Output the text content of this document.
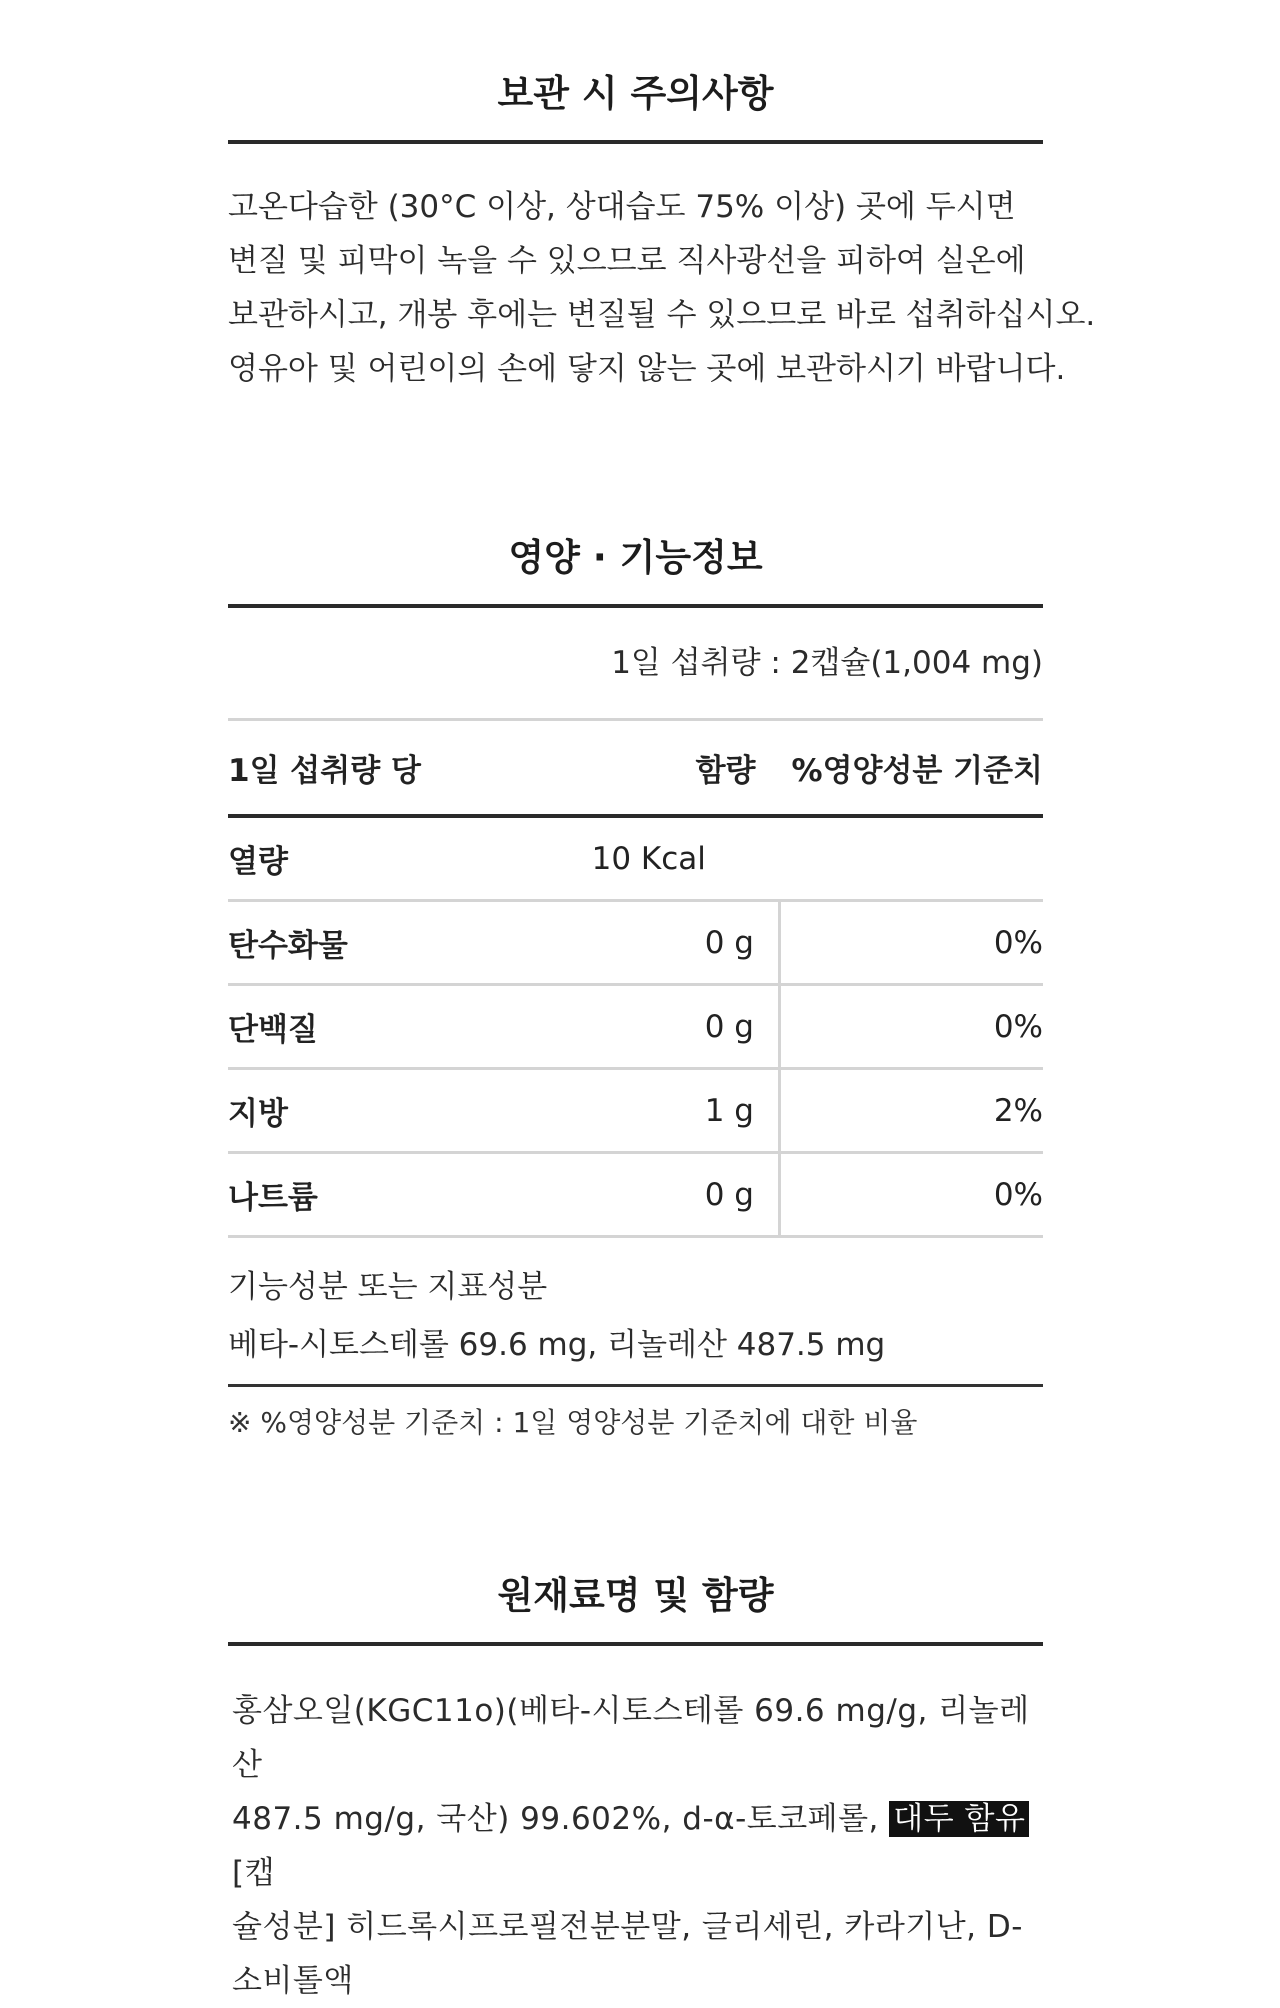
보관 시 주의사항

고온다습한 (30°C 이상, 상대습도 75% 이상) 곳에 두시면

변질 및 피막이 녹을 수 있으므로 직사광선을 피하여 실온에

보관하시고, 개봉 후에는 변질될 수 있으므로 바로 섭취하십시오.

영유아 및 어린이의 손에 닿지 않는 곳에 보관하시기 바랍니다.

영양 · 기능정보
1일 섭취량 : 2캡슐(1,004 mg)
1일 섭취량 당	함량	%영양성분 기준치
열량	10 Kcal	
탄수화물	0 g	0%
단백질	0 g	0%
지방	1 g	2%
나트륨	0 g	0%

기능성분 또는 지표성분

베타-시토스테롤 69.6 mg, 리놀레산 487.5 mg

※ %영양성분 기준치 : 1일 영양성분 기준치에 대한 비율
원재료명 및 함량
홍삼오일(KGC11o)(베타-시토스테롤 69.6 mg/g, 리놀레산
487.5 mg/g, 국산) 99.602%, d-α-토코페롤, 대두 함유 [캡
슐성분] 히드록시프로필전분분말, 글리세린, 카라기난, D-
소비톨액
